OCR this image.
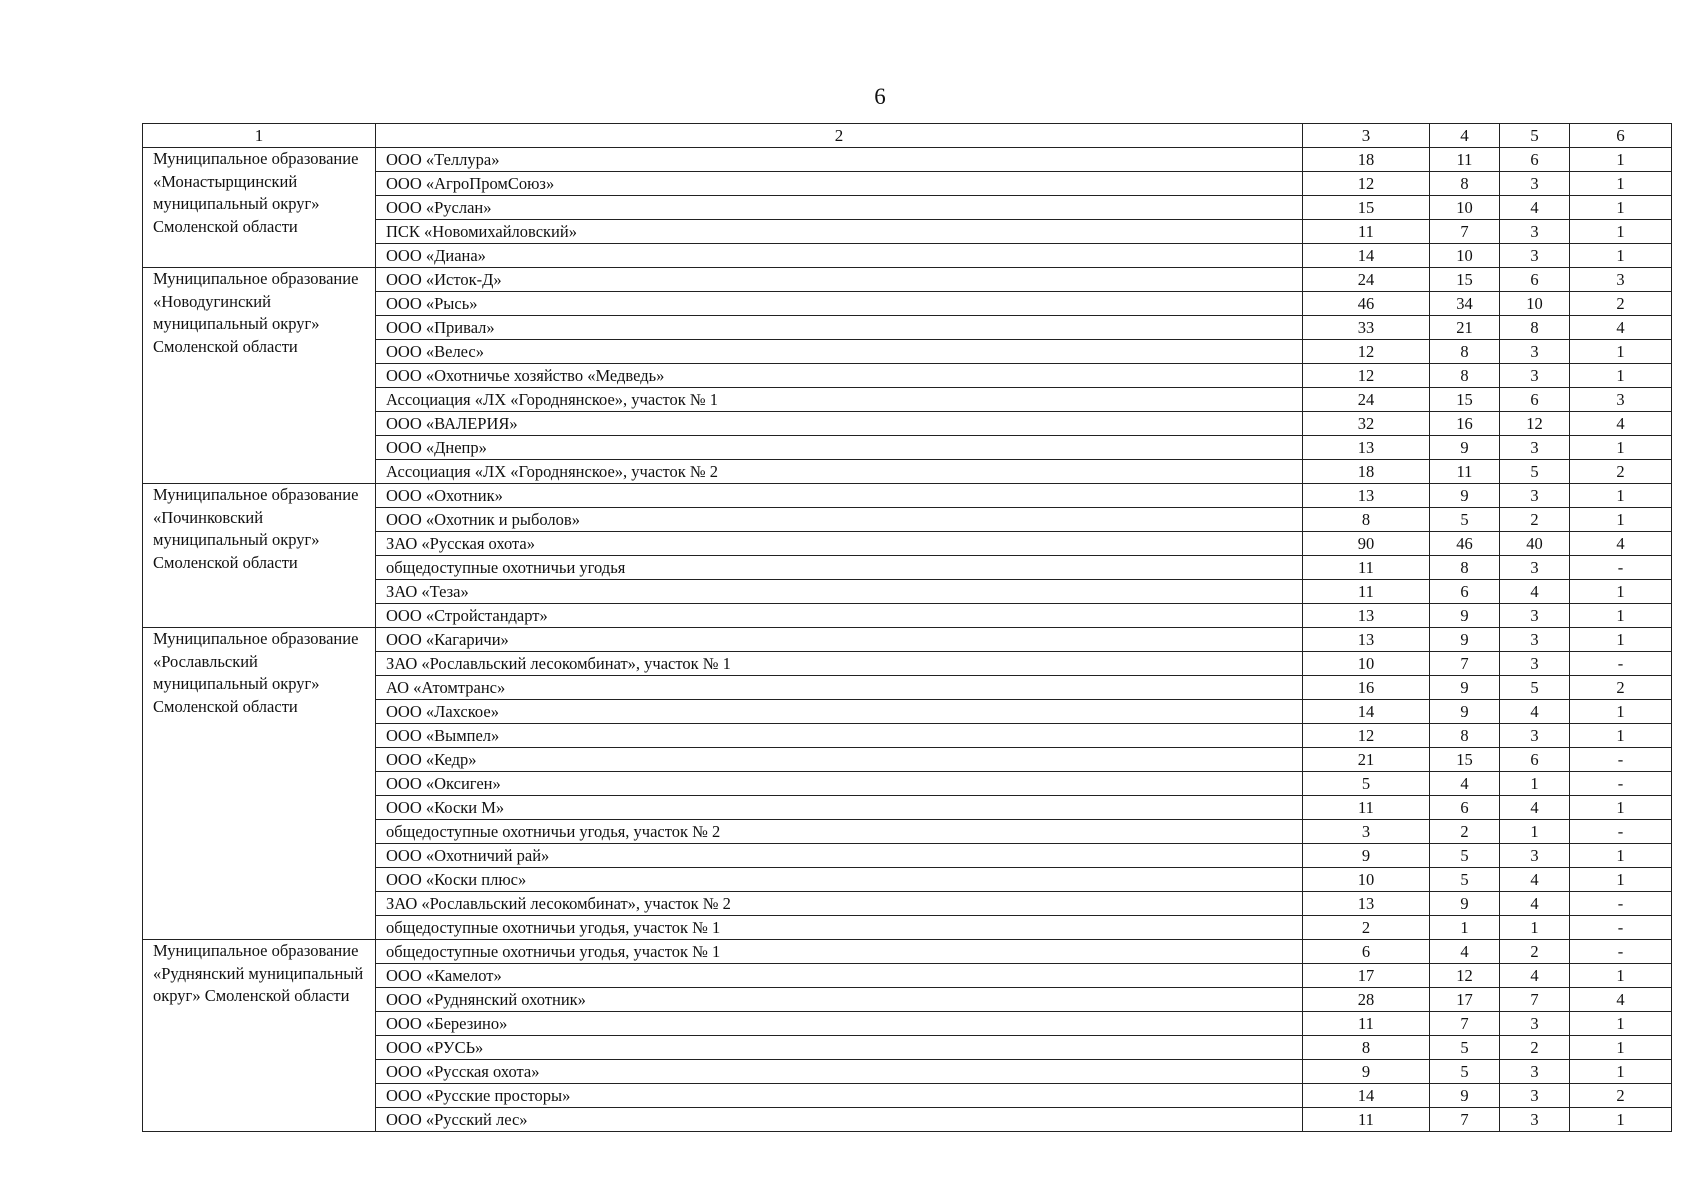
6
1	2	3	4	5	6
Муниципальное образование «Монастырщинский муниципальный округ» Смоленской области	ООО «Теллура»	18	11	6	1
	ООО «АгроПромСоюз»	12	8	3	1
	ООО «Руслан»	15	10	4	1
	ПСК «Новомихайловский»	11	7	3	1
	ООО «Диана»	14	10	3	1
Муниципальное образование «Новодугинский муниципальный округ» Смоленской области	ООО «Исток-Д»	24	15	6	3
	ООО «Рысь»	46	34	10	2
	ООО «Привал»	33	21	8	4
	ООО «Велес»	12	8	3	1
	ООО «Охотничье хозяйство «Медведь»	12	8	3	1
	Ассоциация «ЛХ «Городнянское», участок № 1	24	15	6	3
	ООО «ВАЛЕРИЯ»	32	16	12	4
	ООО «Днепр»	13	9	3	1
	Ассоциация «ЛХ «Городнянское», участок № 2	18	11	5	2
Муниципальное образование «Починковский муниципальный округ» Смоленской области	ООО «Охотник»	13	9	3	1
	ООО «Охотник и рыболов»	8	5	2	1
	ЗАО «Русская охота»	90	46	40	4
	общедоступные охотничьи угодья	11	8	3	-
	ЗАО «Теза»	11	6	4	1
	ООО «Стройстандарт»	13	9	3	1
Муниципальное образование «Рославльский муниципальный округ» Смоленской области	ООО «Кагаричи»	13	9	3	1
	ЗАО «Рославльский лесокомбинат», участок № 1	10	7	3	-
	АО «Атомтранс»	16	9	5	2
	ООО «Лахское»	14	9	4	1
	ООО «Вымпел»	12	8	3	1
	ООО «Кедр»	21	15	6	-
	ООО «Оксиген»	5	4	1	-
	ООО «Коски М»	11	6	4	1
	общедоступные охотничьи угодья, участок № 2	3	2	1	-
	ООО «Охотничий рай»	9	5	3	1
	ООО «Коски плюс»	10	5	4	1
	ЗАО «Рославльский лесокомбинат», участок № 2	13	9	4	-
	общедоступные охотничьи угодья, участок № 1	2	1	1	-
Муниципальное образование «Руднянский муниципальный округ» Смоленской области	общедоступные охотничьи угодья, участок № 1	6	4	2	-
	ООО «Камелот»	17	12	4	1
	ООО «Руднянский охотник»	28	17	7	4
	ООО «Березино»	11	7	3	1
	ООО «РУСЬ»	8	5	2	1
	ООО «Русская охота»	9	5	3	1
	ООО «Русские просторы»	14	9	3	2
	ООО «Русский лес»	11	7	3	1
